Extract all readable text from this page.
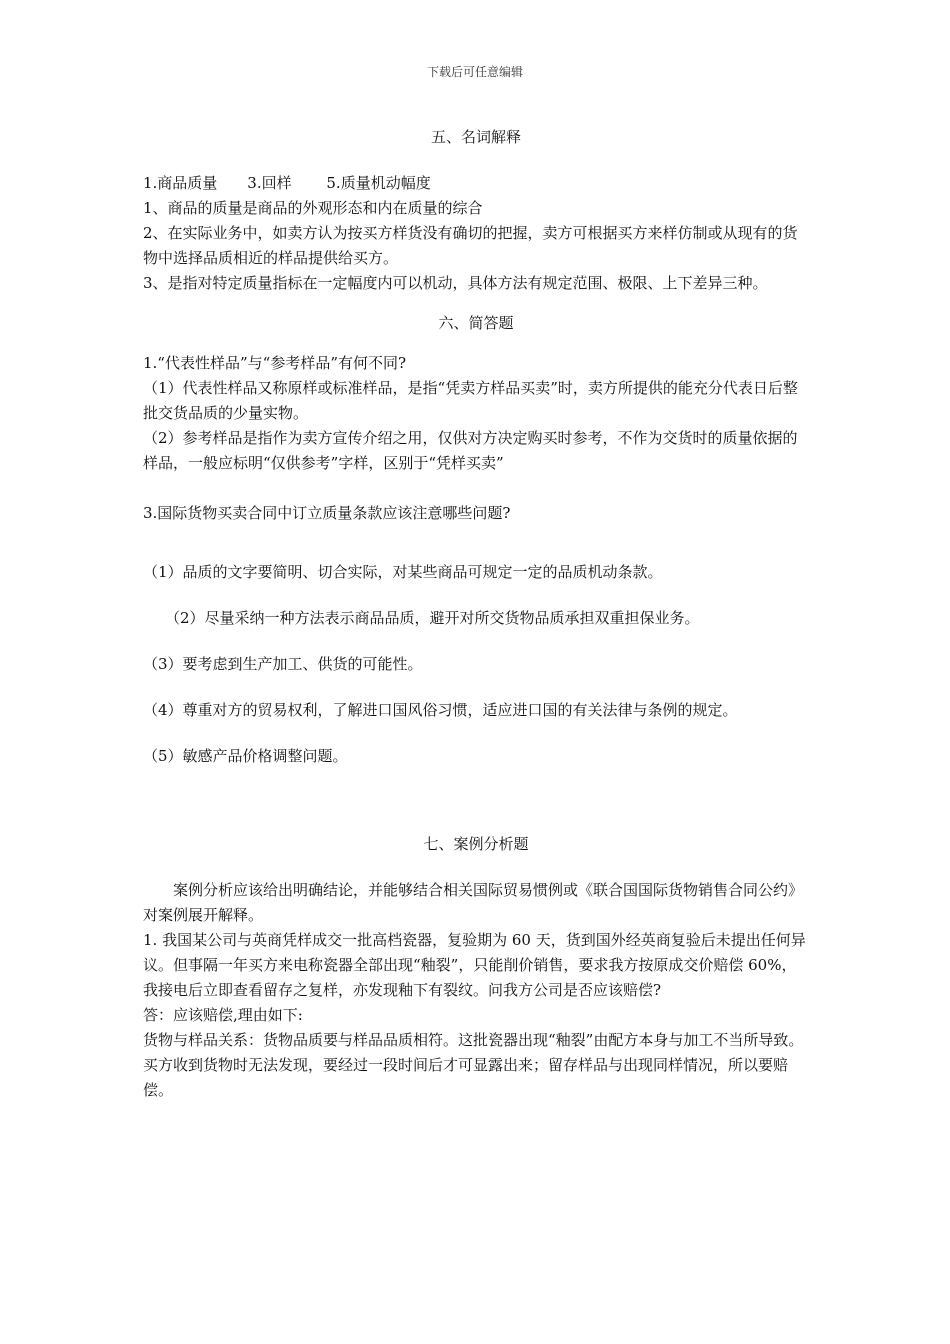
下载后可任意编辑

五、名词解释

1.商品质量　　3.回样　　 5.质量机动幅度

1、商品的质量是商品的外观形态和内在质量的综合

2、在实际业务中，如卖方认为按买方样货没有确切的把握，卖方可根据买方来样仿制或从现有的货物中选择品质相近的样品提供给买方。

3、是指对特定质量指标在一定幅度内可以机动，具体方法有规定范围、极限、上下差异三种。

六、简答题

1.“代表性样品”与“参考样品”有何不同?

（1）代表性样品又称原样或标准样品，是指“凭卖方样品买卖”时，卖方所提供的能充分代表日后整批交货品质的少量实物。

（2）参考样品是指作为卖方宣传介绍之用，仅供对方决定购买时参考，不作为交货时的质量依据的样品，一般应标明“仅供参考”字样，区别于“凭样买卖”

3.国际货物买卖合同中订立质量条款应该注意哪些问题?

（1）品质的文字要简明、切合实际，对某些商品可规定一定的品质机动条款。

（2）尽量采纳一种方法表示商品品质，避开对所交货物品质承担双重担保业务。

（3）要考虑到生产加工、供货的可能性。

（4）尊重对方的贸易权利，了解进口国风俗习惯，适应进口国的有关法律与条例的规定。

（5）敏感产品价格调整问题。

七、案例分析题

案例分析应该给出明确结论，并能够结合相关国际贸易惯例或《联合国国际货物销售合同公约》对案例展开解释。

1. 我国某公司与英商凭样成交一批高档瓷器，复验期为 60 天，货到国外经英商复验后未提出任何异议。但事隔一年买方来电称瓷器全部出现“釉裂”，只能削价销售，要求我方按原成交价赔偿 60%，我接电后立即查看留存之复样，亦发现釉下有裂纹。问我方公司是否应该赔偿?

答：应该赔偿,理由如下:

货物与样品关系：货物品质要与样品品质相符。这批瓷器出现“釉裂”由配方本身与加工不当所导致。买方收到货物时无法发现，要经过一段时间后才可显露出来；留存样品与出现同样情况，所以要赔偿。
